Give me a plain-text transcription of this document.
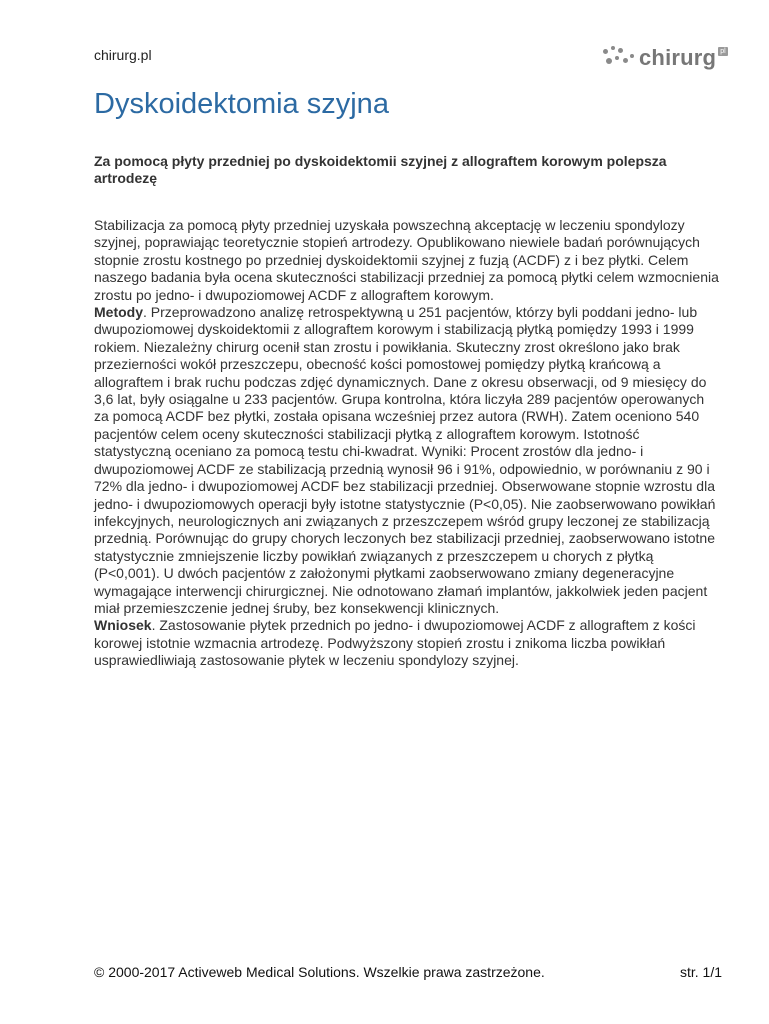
chirurg.pl	chirurg pl
Dyskoidektomia szyjna
Za pomocą płyty przedniej po dyskoidektomii szyjnej z allograftem korowym polepsza artrodezę
Stabilizacja za pomocą płyty przedniej uzyskała powszechną akceptację w leczeniu spondylozy szyjnej, poprawiając teoretycznie stopień artrodezy. Opublikowano niewiele badań porównujących stopnie zrostu kostnego po przedniej dyskoidektomii szyjnej z fuzją (ACDF) z i bez płytki. Celem naszego badania była ocena skuteczności stabilizacji przedniej za pomocą płytki celem wzmocnienia zrostu po jedno- i dwupoziomowej ACDF z allograftem korowym.
Metody. Przeprowadzono analizę retrospektywną u 251 pacjentów, którzy byli poddani jedno- lub dwupoziomowej dyskoidektomii z allograftem korowym i stabilizacją płytką pomiędzy 1993 i 1999 rokiem. Niezależny chirurg ocenił stan zrostu i powikłania. Skuteczny zrost określono jako brak przezierności wokół przeszczepu, obecność kości pomostowej pomiędzy płytką krańcową a allograftem i brak ruchu podczas zdjęć dynamicznych. Dane z okresu obserwacji, od 9 miesięcy do 3,6 lat, były osiągalne u 233 pacjentów. Grupa kontrolna, która liczyła 289 pacjentów operowanych za pomocą ACDF bez płytki, została opisana wcześniej przez autora (RWH). Zatem oceniono 540 pacjentów celem oceny skuteczności stabilizacji płytką z allograftem korowym. Istotność statystyczną oceniano za pomocą testu chi-kwadrat. Wyniki: Procent zrostów dla jedno- i dwupoziomowej ACDF ze stabilizacją przednią wynosił 96 i 91%, odpowiednio, w porównaniu z 90 i 72% dla jedno- i dwupoziomowej ACDF bez stabilizacji przedniej. Obserwowane stopnie wzrostu dla jedno- i dwupoziomowych operacji były istotne statystycznie (P<0,05). Nie zaobserwowano powikłań infekcyjnych, neurologicznych ani związanych z przeszczepem wśród grupy leczonej ze stabilizacją przednią. Porównując do grupy chorych leczonych bez stabilizacji przedniej, zaobserwowano istotne statystycznie zmniejszenie liczby powikłań związanych z przeszczepem u chorych z płytką (P<0,001). U dwóch pacjentów z założonymi płytkami zaobserwowano zmiany degeneracyjne wymagające interwencji chirurgicznej. Nie odnotowano złamań implantów, jakkolwiek jeden pacjent miał przemieszczenie jednej śruby, bez konsekwencji klinicznych.
Wniosek. Zastosowanie płytek przednich po jedno- i dwupoziomowej ACDF z allograftem z kości korowej istotnie wzmacnia artrodezę. Podwyższony stopień zrostu i znikoma liczba powikłań usprawiedliwiają zastosowanie płytek w leczeniu spondylozy szyjnej.
© 2000-2017 Activeweb Medical Solutions. Wszelkie prawa zastrzeżone.	str. 1/1
